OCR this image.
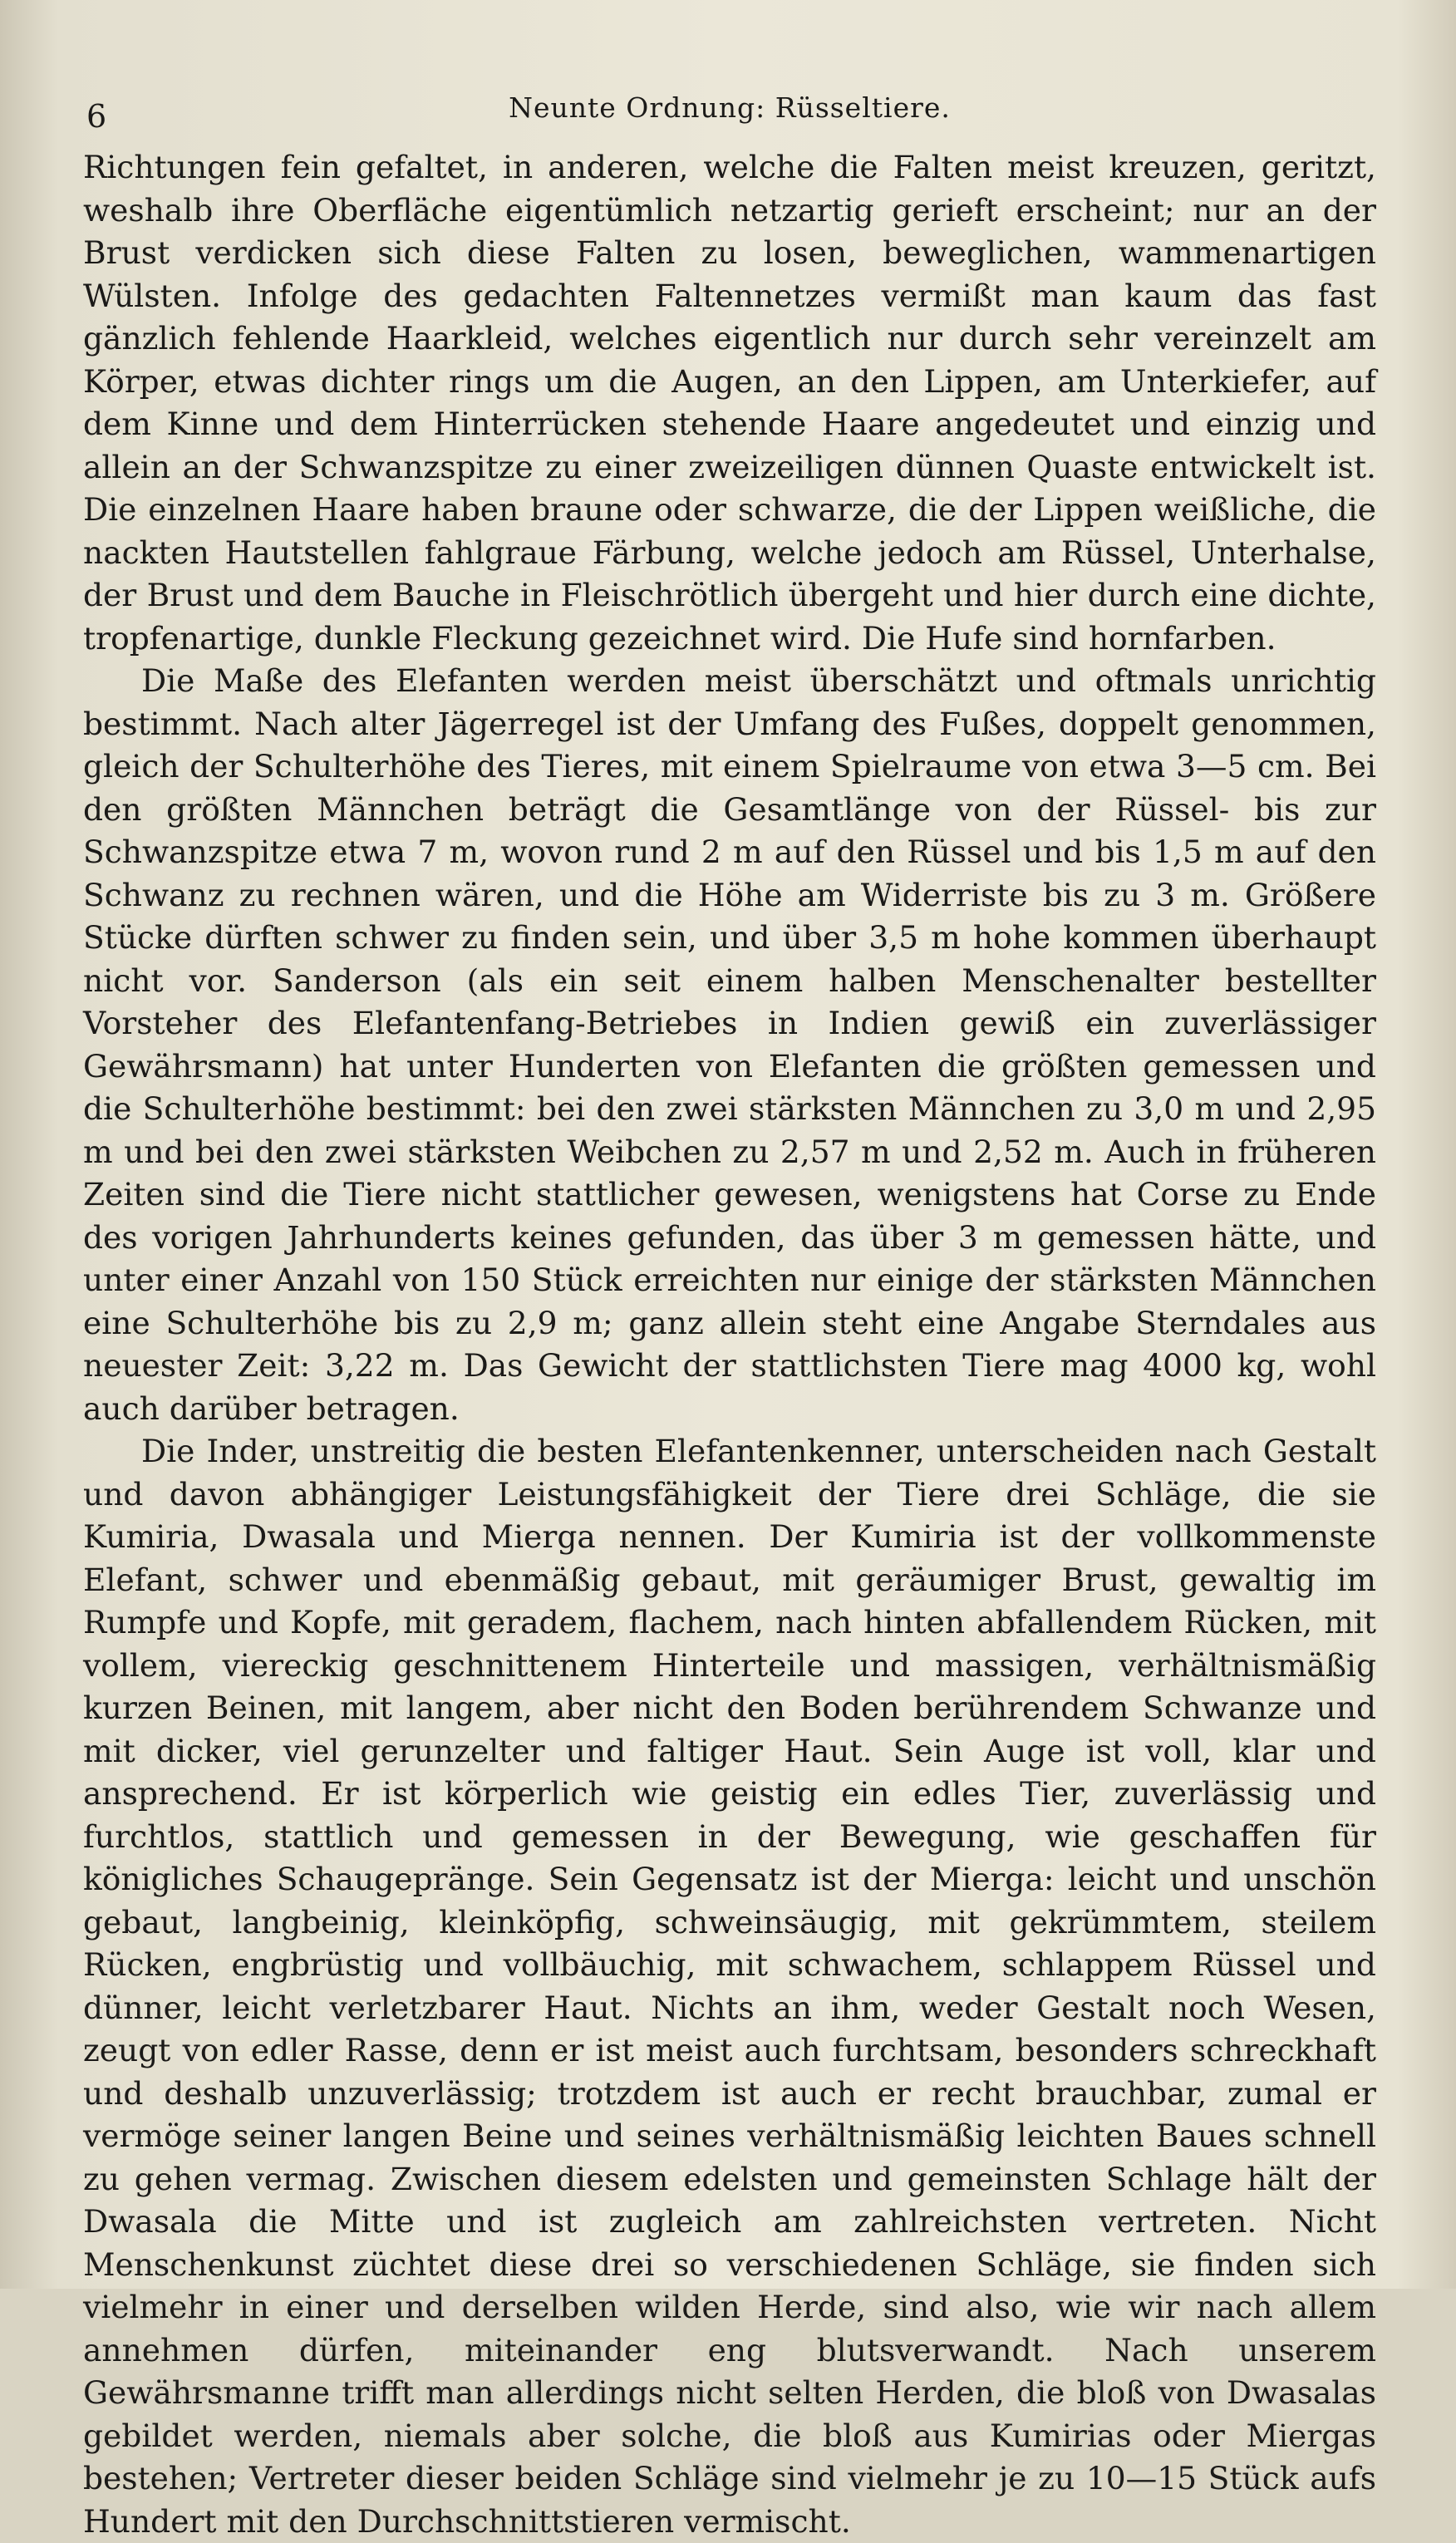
6	Neunte Ordnung: Rüsseltiere.

Richtungen fein gefaltet, in anderen, welche die Falten meist kreuzen, geritzt, weshalb ihre Oberfläche eigentümlich netzartig gerieft erscheint; nur an der Brust verdicken sich diese Falten zu losen, beweglichen, wammenartigen Wülsten. Infolge des gedachten Faltennetzes vermißt man kaum das fast gänzlich fehlende Haarkleid, welches eigentlich nur durch sehr vereinzelt am Körper, etwas dichter rings um die Augen, an den Lippen, am Unterkiefer, auf dem Kinne und dem Hinterrücken stehende Haare angedeutet und einzig und allein an der Schwanzspitze zu einer zweizeiligen dünnen Quaste entwickelt ist. Die einzelnen Haare haben braune oder schwarze, die der Lippen weißliche, die nackten Hautstellen fahlgraue Färbung, welche jedoch am Rüssel, Unterhalse, der Brust und dem Bauche in Fleischrötlich übergeht und hier durch eine dichte, tropfenartige, dunkle Fleckung gezeichnet wird. Die Hufe sind hornfarben.

Die Maße des Elefanten werden meist überschätzt und oftmals unrichtig bestimmt. Nach alter Jägerregel ist der Umfang des Fußes, doppelt genommen, gleich der Schulterhöhe des Tieres, mit einem Spielraume von etwa 3—5 cm. Bei den größten Männchen beträgt die Gesamtlänge von der Rüssel- bis zur Schwanzspitze etwa 7 m, wovon rund 2 m auf den Rüssel und bis 1,5 m auf den Schwanz zu rechnen wären, und die Höhe am Widerriste bis zu 3 m. Größere Stücke dürften schwer zu finden sein, und über 3,5 m hohe kommen überhaupt nicht vor. Sanderson (als ein seit einem halben Menschenalter bestellter Vorsteher des Elefantenfang-Betriebes in Indien gewiß ein zuverlässiger Gewährsmann) hat unter Hunderten von Elefanten die größten gemessen und die Schulterhöhe bestimmt: bei den zwei stärksten Männchen zu 3,0 m und 2,95 m und bei den zwei stärksten Weibchen zu 2,57 m und 2,52 m. Auch in früheren Zeiten sind die Tiere nicht stattlicher gewesen, wenigstens hat Corse zu Ende des vorigen Jahrhunderts keines gefunden, das über 3 m gemessen hätte, und unter einer Anzahl von 150 Stück erreichten nur einige der stärksten Männchen eine Schulterhöhe bis zu 2,9 m; ganz allein steht eine Angabe Sterndales aus neuester Zeit: 3,22 m. Das Gewicht der stattlichsten Tiere mag 4000 kg, wohl auch darüber betragen.

Die Inder, unstreitig die besten Elefantenkenner, unterscheiden nach Gestalt und davon abhängiger Leistungsfähigkeit der Tiere drei Schläge, die sie Kumiria, Dwasala und Mierga nennen. Der Kumiria ist der vollkommenste Elefant, schwer und ebenmäßig gebaut, mit geräumiger Brust, gewaltig im Rumpfe und Kopfe, mit geradem, flachem, nach hinten abfallendem Rücken, mit vollem, viereckig geschnittenem Hinterteile und massigen, verhältnismäßig kurzen Beinen, mit langem, aber nicht den Boden berührendem Schwanze und mit dicker, viel gerunzelter und faltiger Haut. Sein Auge ist voll, klar und ansprechend. Er ist körperlich wie geistig ein edles Tier, zuverlässig und furchtlos, stattlich und gemessen in der Bewegung, wie geschaffen für königliches Schaugepränge. Sein Gegensatz ist der Mierga: leicht und unschön gebaut, langbeinig, kleinköpfig, schweinsäugig, mit gekrümmtem, steilem Rücken, engbrüstig und vollbäuchig, mit schwachem, schlappem Rüssel und dünner, leicht verletzbarer Haut. Nichts an ihm, weder Gestalt noch Wesen, zeugt von edler Rasse, denn er ist meist auch furchtsam, besonders schreckhaft und deshalb unzuverlässig; trotzdem ist auch er recht brauchbar, zumal er vermöge seiner langen Beine und seines verhältnismäßig leichten Baues schnell zu gehen vermag. Zwischen diesem edelsten und gemeinsten Schlage hält der Dwasala die Mitte und ist zugleich am zahlreichsten vertreten. Nicht Menschenkunst züchtet diese drei so verschiedenen Schläge, sie finden sich vielmehr in einer und derselben wilden Herde, sind also, wie wir nach allem annehmen dürfen, miteinander eng blutsverwandt. Nach unserem Gewährsmanne trifft man allerdings nicht selten Herden, die bloß von Dwasalas gebildet werden, niemals aber solche, die bloß aus Kumirias oder Miergas bestehen; Vertreter dieser beiden Schläge sind vielmehr je zu 10—15 Stück aufs Hundert mit den Durchschnittstieren vermischt.
